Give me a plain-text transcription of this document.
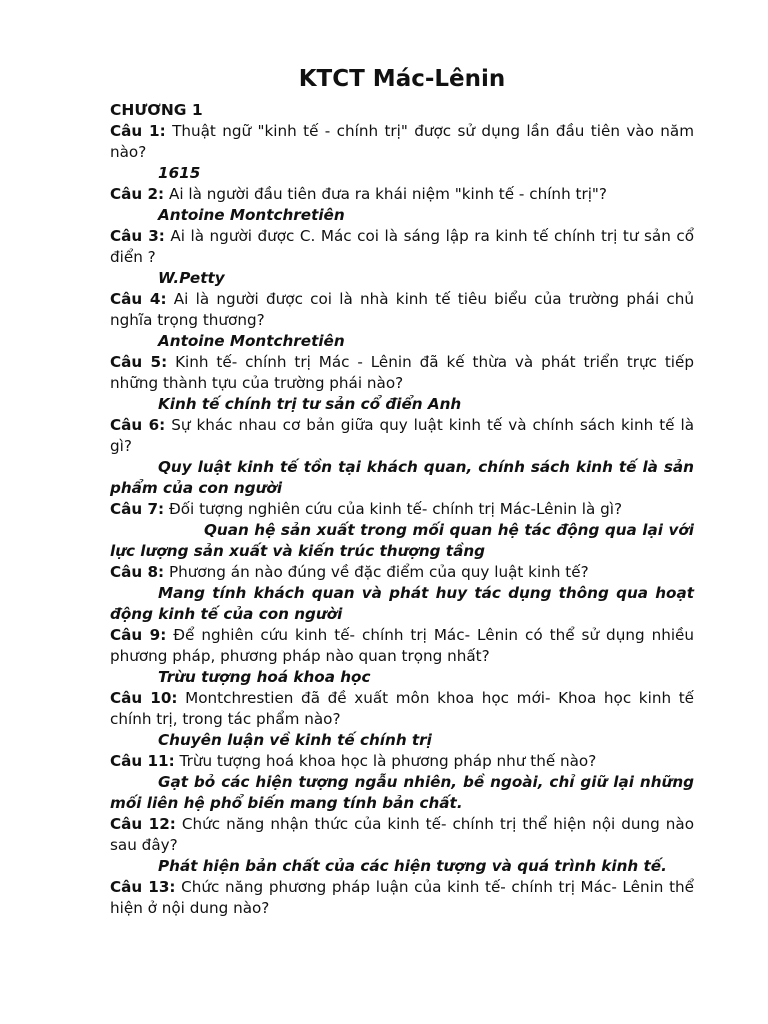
KTCT Mác-Lênin
CHƯƠNG 1

Câu 1: Thuật ngữ "kinh tế - chính trị" được sử dụng lần đầu tiên vào năm nào?

1615

Câu 2: Ai là người đầu tiên đưa ra khái niệm "kinh tế - chính trị"?

Antoine Montchretiên

Câu 3: Ai là người được C. Mác coi là sáng lập ra kinh tế chính trị tư sản cổ điển ?

W.Petty

Câu 4: Ai là người được coi là nhà kinh tế tiêu biểu của trường phái chủ nghĩa trọng thương?

Antoine Montchretiên

Câu 5: Kinh tế- chính trị Mác - Lênin đã kế thừa và phát triển trực tiếp những thành tựu của trường phái nào?

Kinh tế chính trị tư sản cổ điển Anh

Câu 6: Sự khác nhau cơ bản giữa quy luật kinh tế và chính sách kinh tế là gì?

Quy luật kinh tế tồn tại khách quan, chính sách kinh tế là sản phẩm của con người

Câu 7: Đối tượng nghiên cứu của kinh tế- chính trị Mác-Lênin là gì?

Quan hệ sản xuất trong mối quan hệ tác động qua lại với lực lượng sản xuất và kiến trúc thượng tầng

Câu 8: Phương án nào đúng về đặc điểm của quy luật kinh tế?

Mang tính khách quan và phát huy tác dụng thông qua hoạt động kinh tế của con người

Câu 9: Để nghiên cứu kinh tế- chính trị Mác- Lênin có thể sử dụng nhiều phương pháp, phương pháp nào quan trọng nhất?

Trừu tượng hoá khoa học

Câu 10: Montchrestien đã đề xuất môn khoa học mới- Khoa học kinh tế chính trị, trong tác phẩm nào?

Chuyên luận về kinh tế chính trị

Câu 11: Trừu tượng hoá khoa học là phương pháp như thế nào?

Gạt bỏ các hiện tượng ngẫu nhiên, bề ngoài, chỉ giữ lại những mối liên hệ phổ biến mang tính bản chất.

Câu 12: Chức năng nhận thức của kinh tế- chính trị thể hiện nội dung nào sau đây?

Phát hiện bản chất của các hiện tượng và quá trình kinh tế.

Câu 13: Chức năng phương pháp luận của kinh tế- chính trị Mác- Lênin thể hiện ở nội dung nào?
